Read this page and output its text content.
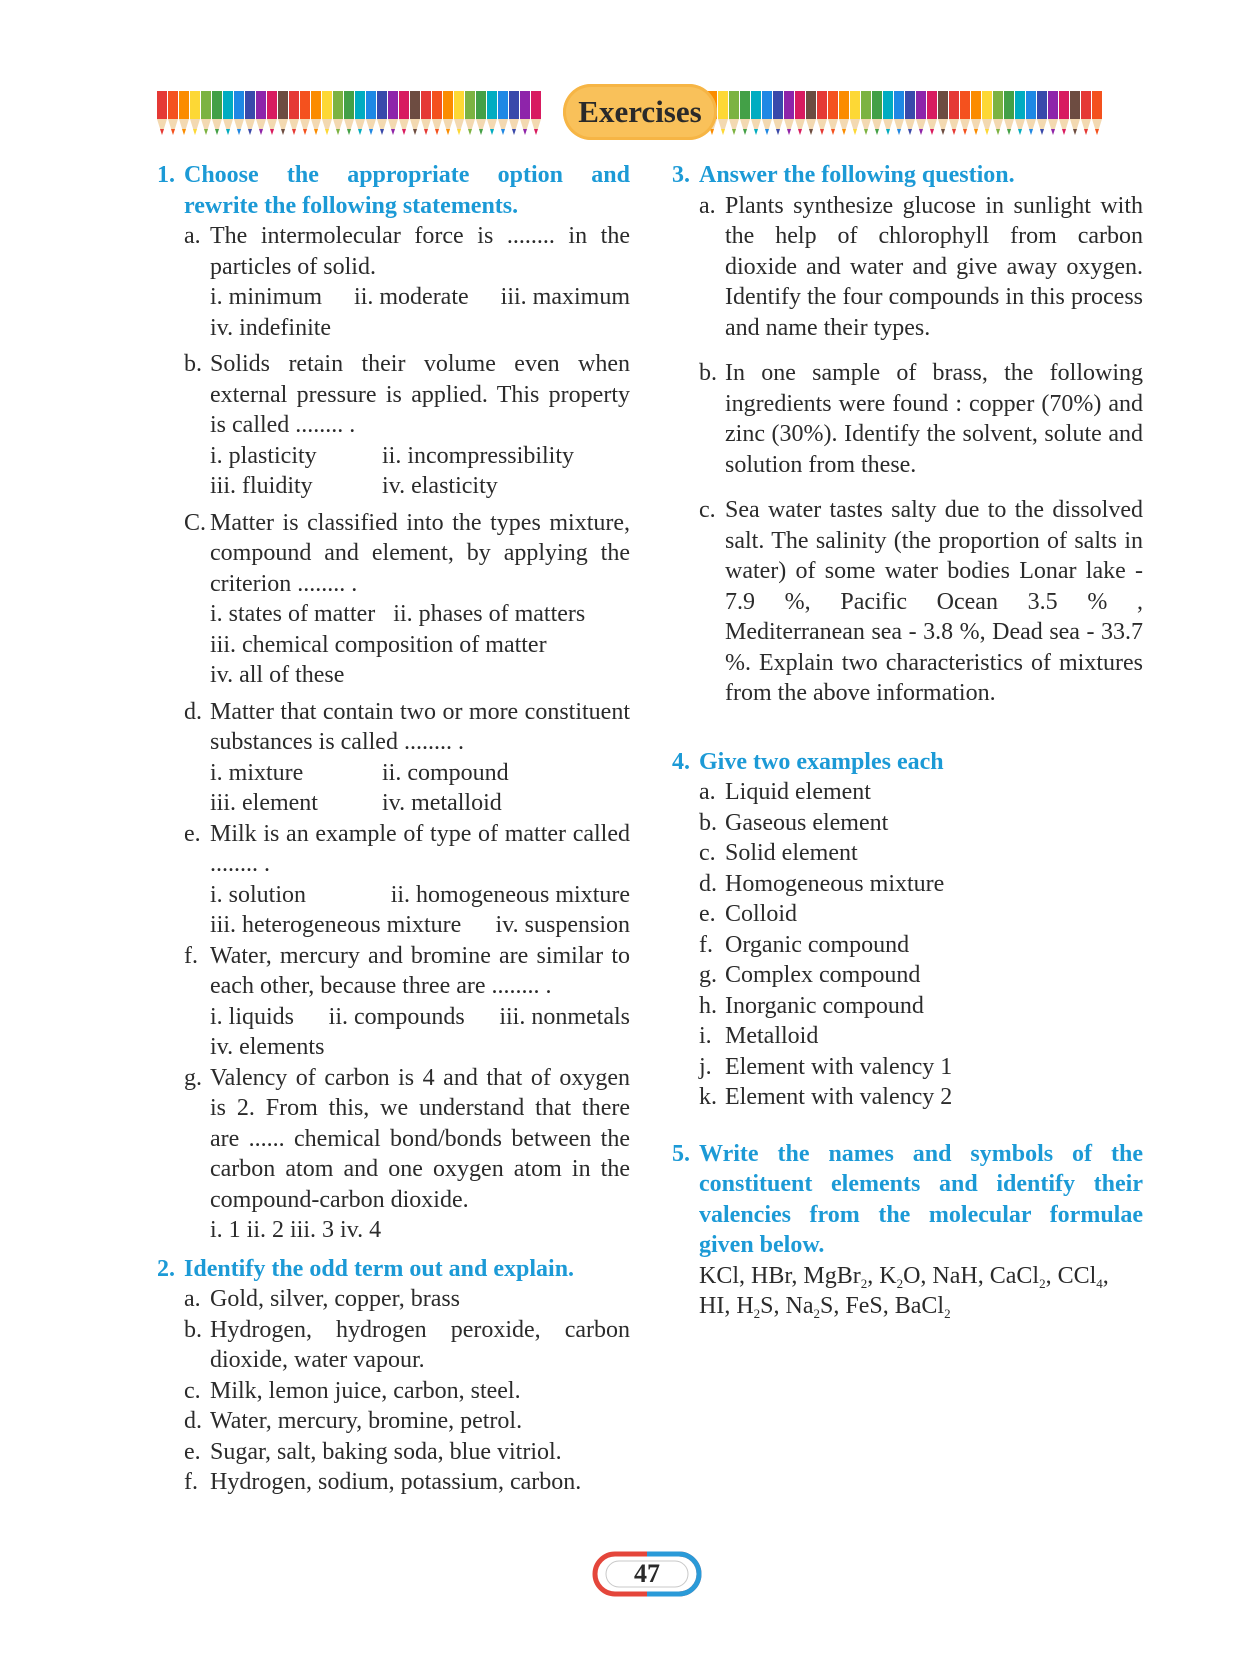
Exercises
1. Choose the appropriate option and
rewrite the following statements.
a. The intermolecular force is ........ in the particles of solid.
i. minimum ii. moderate iii. maximum
iv. indefinite
b. Solids retain their volume even when external pressure is applied. This property is called ........ .
i. plasticity	ii. incompressibility
iii. fluidity	iv. elasticity
C. Matter is classified into the types mixture, compound and element, by applying the criterion ........ .
i. states of matter ii. phases of matters
iii. chemical composition of matter
iv. all of these
d. Matter that contain two or more constituent substances is called ........ .
i. mixture	ii. compound
iii. element	iv. metalloid
e. Milk is an example of type of matter called ........ .
i. solution	ii. homogeneous mixture
iii. heterogeneous mixture iv. suspension
f. Water, mercury and bromine are similar to each other, because three are ........ .
i. liquids ii. compounds iii. nonmetals
iv. elements
g. Valency of carbon is 4 and that of oxygen is 2. From this, we understand that there are ...... chemical bond/bonds between the carbon atom and one oxygen atom in the compound-carbon dioxide.
i. 1 ii. 2 iii. 3 iv. 4
2. Identify the odd term out and explain.
a. Gold, silver, copper, brass
b. Hydrogen, hydrogen peroxide, carbon dioxide, water vapour.
c. Milk, lemon juice, carbon, steel.
d. Water, mercury, bromine, petrol.
e. Sugar, salt, baking soda, blue vitriol.
f. Hydrogen, sodium, potassium, carbon.
3. Answer the following question.
a. Plants synthesize glucose in sunlight with the help of chlorophyll from carbon dioxide and water and give away oxygen. Identify the four compounds in this process and name their types.
b. In one sample of brass, the following ingredients were found : copper (70%) and zinc (30%). Identify the solvent, solute and solution from these.
c. Sea water tastes salty due to the dissolved salt. The salinity (the proportion of salts in water) of some water bodies Lonar lake - 7.9 %, Pacific Ocean 3.5 % , Mediterranean sea - 3.8 %, Dead sea - 33.7 %. Explain two characteristics of mixtures from the above information.
4. Give two examples each
a. Liquid element
b. Gaseous element
c. Solid element
d. Homogeneous mixture
e. Colloid
f. Organic compound
g. Complex compound
h. Inorganic compound
i. Metalloid
j. Element with valency 1
k. Element with valency 2
5. Write the names and symbols of the constituent elements and identify their valencies from the molecular formulae given below.
KCl, HBr, MgBr$_2$, $K_2O$, NaH, CaCl$_2$, CCl$_4$,
HI, $H_2S$, $Na_2S$, FeS, BaCl$_2$
47
